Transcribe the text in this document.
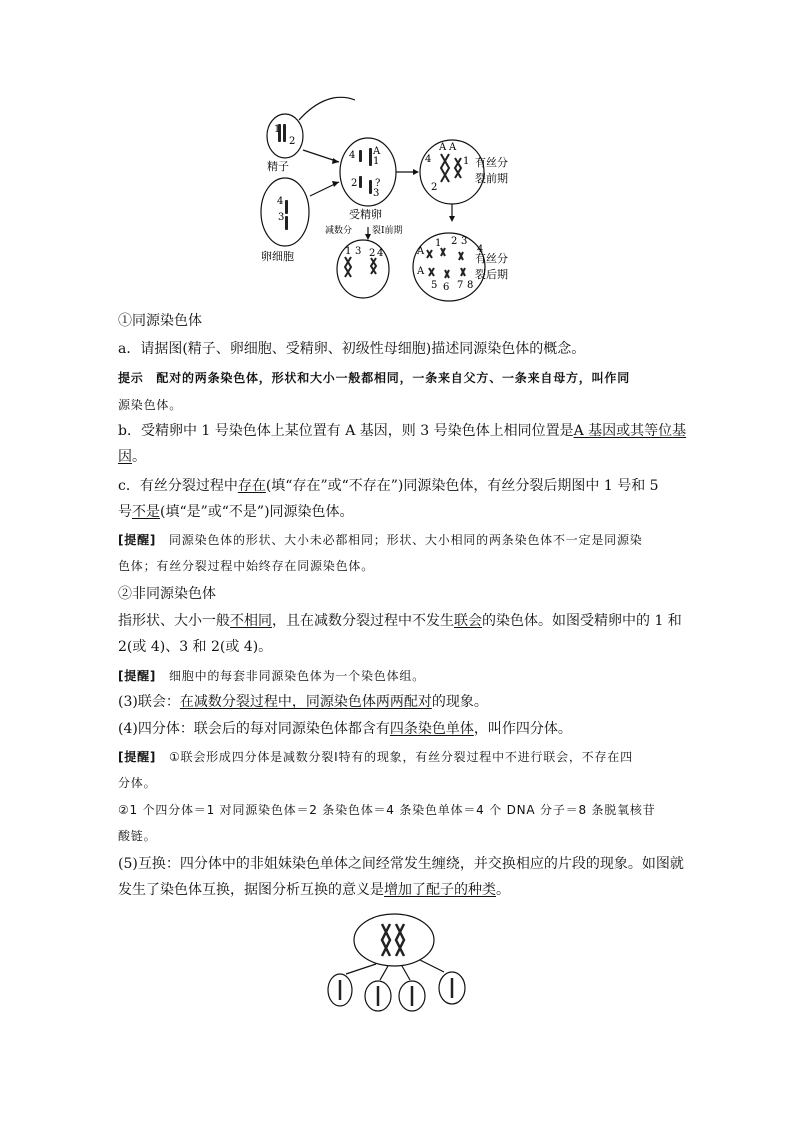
1
2
4
3
4 A
1
2 ?
3
4
A A
1
2
1 3 2 4	A
1 2 3
4
A
5 6 7 8
精子
卵细胞
受精卵
有丝分
裂前期
有丝分
裂后期
减数分 裂Ⅰ前期
①同源染色体
a．请据图(精子、卵细胞、受精卵、初级性母细胞)描述同源染色体的概念。
提示　配对的两条染色体，形状和大小一般都相同，一条来自父方、一条来自母方，叫作同
源染色体。
b．受精卵中 1 号染色体上某位置有 A 基因，则 3 号染色体上相同位置是A 基因或其等位基
因。
c．有丝分裂过程中存在(填“存在”或“不存在”)同源染色体，有丝分裂后期图中 1 号和 5
号不是(填“是”或“不是”)同源染色体。
[提醒]　同源染色体的形状、大小未必都相同；形状、大小相同的两条染色体不一定是同源染
色体；有丝分裂过程中始终存在同源染色体。
②非同源染色体
指形状、大小一般不相同，且在减数分裂过程中不发生联会的染色体。如图受精卵中的 1 和
2(或 4)、3 和 2(或 4)。
[提醒]　细胞中的每套非同源染色体为一个染色体组。
(3)联会：在减数分裂过程中，同源染色体两两配对的现象。
(4)四分体：联会后的每对同源染色体都含有四条染色单体，叫作四分体。
[提醒]　①联会形成四分体是减数分裂Ⅰ特有的现象，有丝分裂过程中不进行联会，不存在四
分体。
②1 个四分体＝1 对同源染色体＝2 条染色体＝4 条染色单体＝4 个 DNA 分子＝8 条脱氧核苷
酸链。
(5)互换：四分体中的非姐妹染色单体之间经常发生缠绕，并交换相应的片段的现象。如图就
发生了染色体互换，据图分析互换的意义是增加了配子的种类。
